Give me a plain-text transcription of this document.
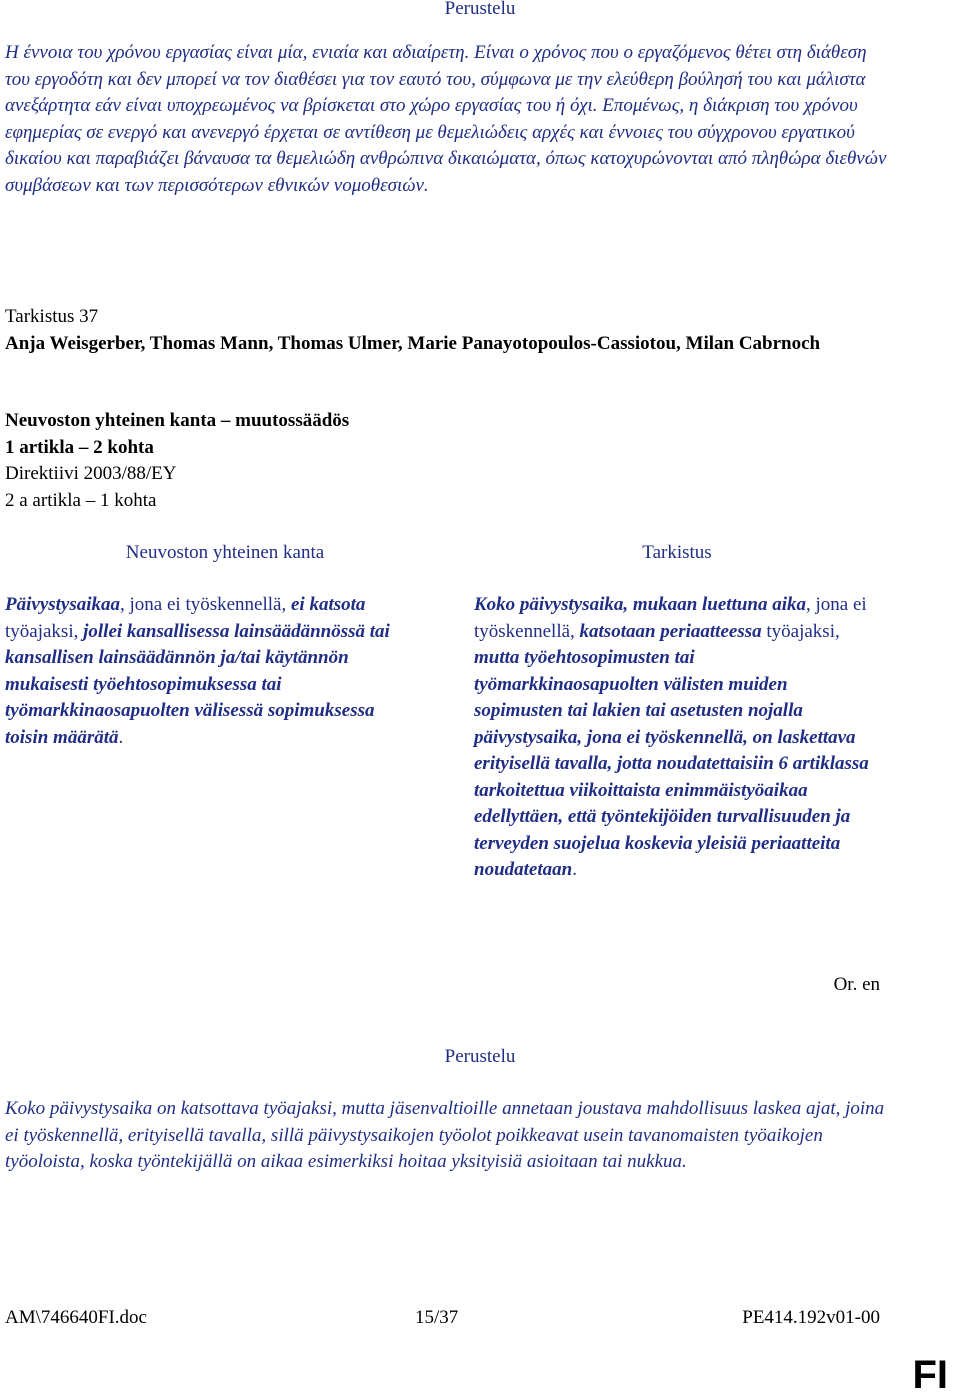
Perustelu

Η έννοια του χρόνου εργασίας είναι μία, ενιαία και αδιαίρετη. Είναι ο χρόνος που ο εργαζόμενος θέτει στη διάθεση του εργοδότη και δεν μπορεί να τον διαθέσει για τον εαυτό του, σύμφωνα με την ελεύθερη βούλησή του και μάλιστα ανεξάρτητα εάν είναι υποχρεωμένος να βρίσκεται στο χώρο εργασίας του ή όχι. Επομένως, η διάκριση του χρόνου εφημερίας σε ενεργό και ανενεργό έρχεται σε αντίθεση με θεμελιώδεις αρχές και έννοιες του σύγχρονου εργατικού δικαίου και παραβιάζει βάναυσα τα θεμελιώδη ανθρώπινα δικαιώματα, όπως κατοχυρώνονται από πληθώρα διεθνών συμβάσεων και των περισσότερων εθνικών νομοθεσιών.

Tarkistus 37
Anja Weisgerber, Thomas Mann, Thomas Ulmer, Marie Panayotopoulos-Cassiotou, Milan Cabrnoch
Neuvoston yhteinen kanta – muutossäädös
1 artikla – 2 kohta
Direktiivi 2003/88/EY
2 a artikla – 1 kohta
Neuvoston yhteinen kanta	Tarkistus

Päivystysaikaa, jona ei työskennellä, ei katsota työajaksi, jollei kansallisessa lainsäädännössä tai kansallisen lainsäädännön ja/tai käytännön mukaisesti työehtosopimuksessa tai työmarkkinaosapuolten välisessä sopimuksessa toisin määrätä.

Koko päivystysaika, mukaan luettuna aika, jona ei työskennellä, katsotaan periaatteessa työajaksi, mutta työehtosopimusten tai työmarkkinaosapuolten välisten muiden sopimusten tai lakien tai asetusten nojalla päivystysaika, jona ei työskennellä, on laskettava erityisellä tavalla, jotta noudatettaisiin 6 artiklassa tarkoitettua viikoittaista enimmäistyöaikaa edellyttäen, että työntekijöiden turvallisuuden ja terveyden suojelua koskevia yleisiä periaatteita noudatetaan.

Or. en
Perustelu

Koko päivystysaika on katsottava työajaksi, mutta jäsenvaltioille annetaan joustava mahdollisuus laskea ajat, joina ei työskennellä, erityisellä tavalla, sillä päivystysaikojen työolot poikkeavat usein tavanomaisten työaikojen työoloista, koska työntekijällä on aikaa esimerkiksi hoitaa yksityisiä asioitaan tai nukkua.

AM\746640FI.doc	15/37	PE414.192v01-00
FI
